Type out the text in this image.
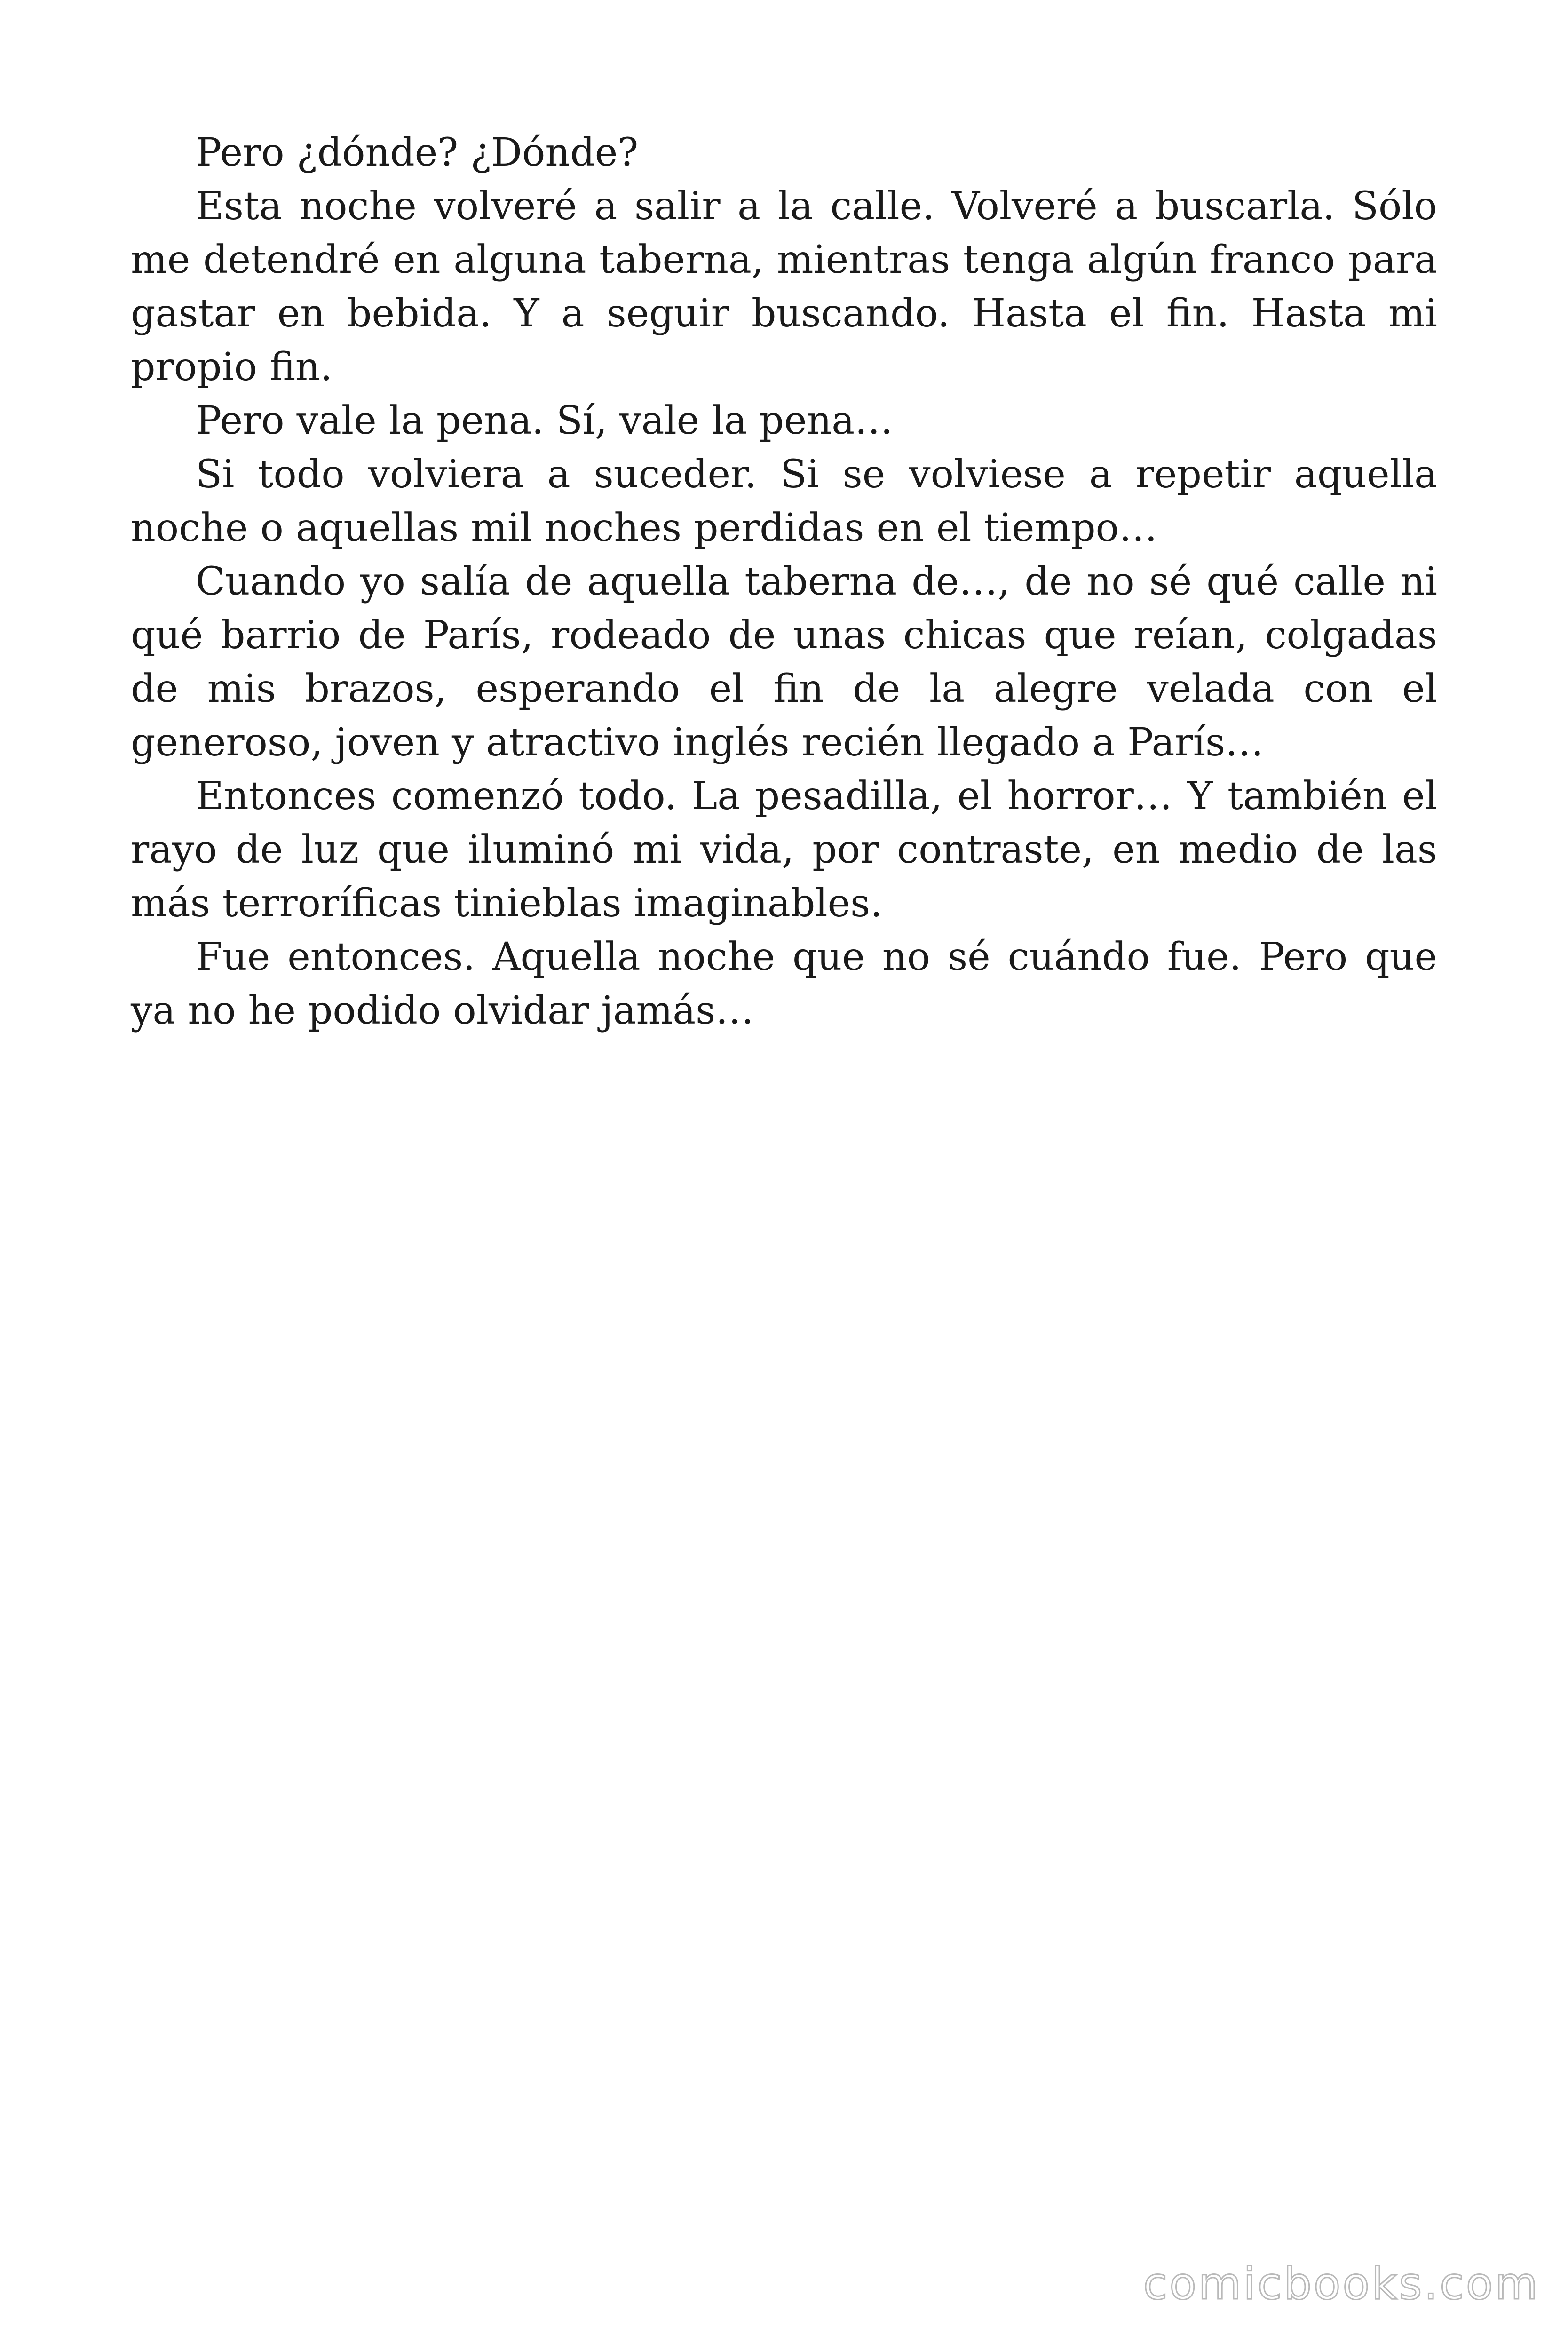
Pero ¿dónde? ¿Dónde?

Esta noche volveré a salir a la calle. Volveré a buscarla. Sólo me detendré en alguna taberna, mientras tenga algún franco para gastar en bebida. Y a seguir buscando. Hasta el fin. Hasta mi propio fin.

Pero vale la pena. Sí, vale la pena…

Si todo volviera a suceder. Si se volviese a repetir aquella noche o aquellas mil noches perdidas en el tiempo…

Cuando yo salía de aquella taberna de…, de no sé qué calle ni qué barrio de París, rodeado de unas chicas que reían, colgadas de mis brazos, esperando el fin de la alegre velada con el generoso, joven y atractivo inglés recién llegado a París…

Entonces comenzó todo. La pesadilla, el horror… Y también el rayo de luz que iluminó mi vida, por contraste, en medio de las más terroríficas tinieblas imaginables.

Fue entonces. Aquella noche que no sé cuándo fue. Pero que ya no he podido olvidar jamás…

comicbooks.com
